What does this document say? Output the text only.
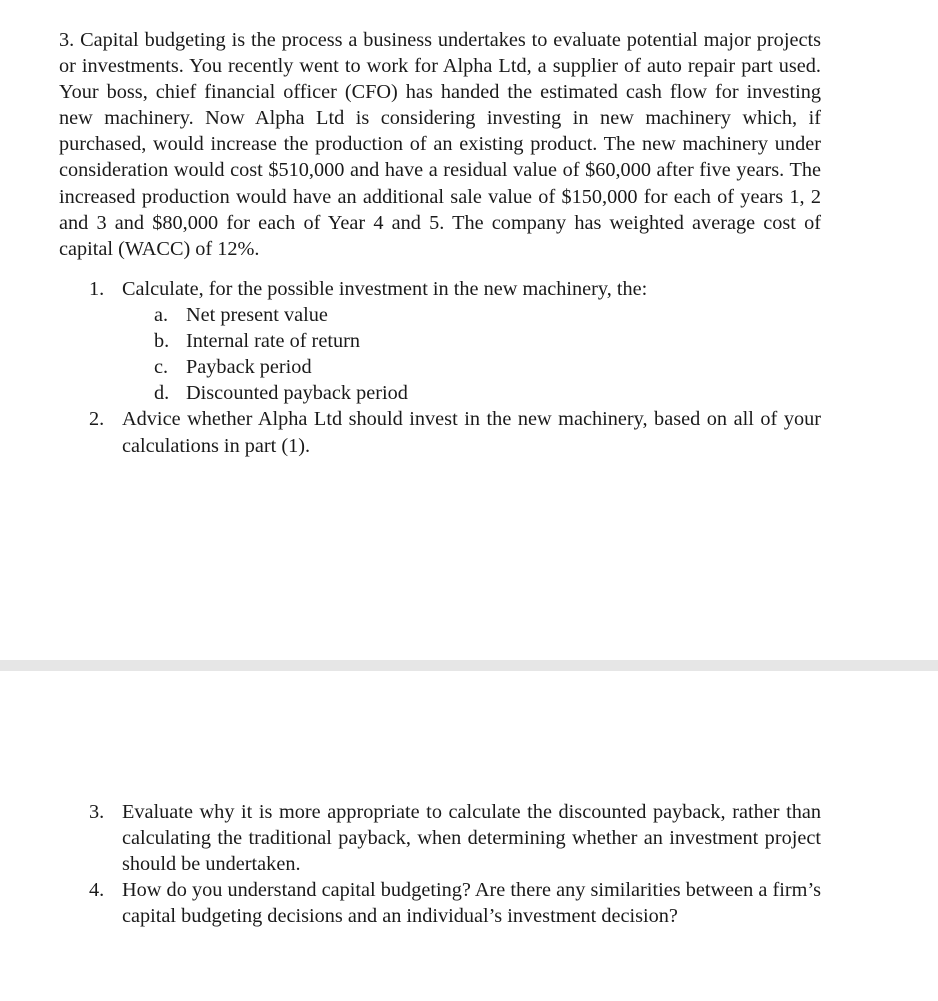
3. Capital budgeting is the process a business undertakes to evaluate potential major projects or investments. You recently went to work for Alpha Ltd, a supplier of auto repair part used. Your boss, chief financial officer (CFO) has handed the estimated cash flow for investing new machinery. Now Alpha Ltd is considering investing in new machinery which, if purchased, would increase the production of an existing product. The new machinery under consideration would cost $510,000 and have a residual value of $60,000 after five years. The increased production would have an additional sale value of $150,000 for each of years 1, 2 and 3 and $80,000 for each of Year 4 and 5. The company has weighted average cost of capital (WACC) of 12%.

1. Calculate, for the possible investment in the new machinery, the:
a. Net present value
b. Internal rate of return
c. Payback period
d. Discounted payback period
2. Advice whether Alpha Ltd should invest in the new machinery, based on all of your calculations in part (1).
3. Evaluate why it is more appropriate to calculate the discounted payback, rather than calculating the traditional payback, when determining whether an investment project should be undertaken.
4. How do you understand capital budgeting? Are there any similarities between a firm’s capital budgeting decisions and an individual’s investment decision?
